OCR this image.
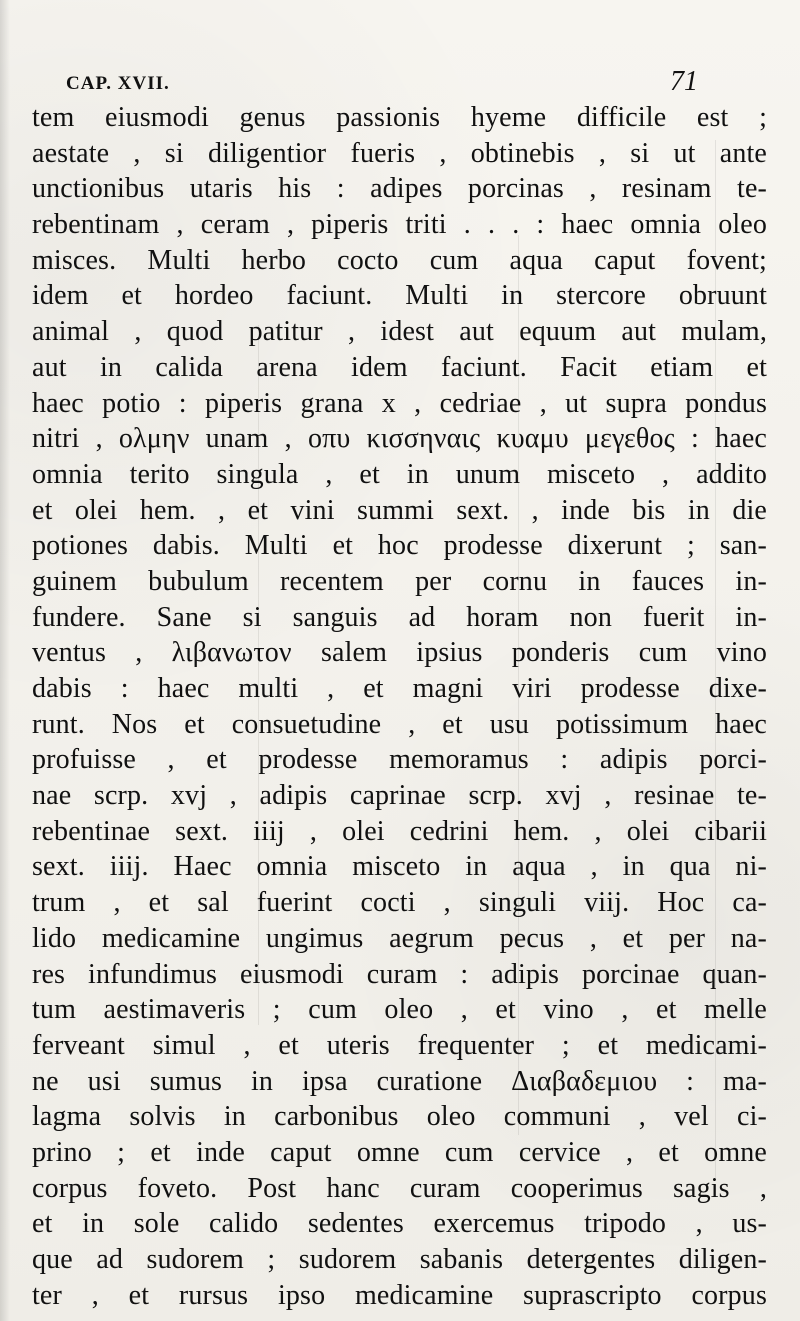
CAP. XVII.	71
tem eiusmodi genus passionis hyeme difficile est ;
aestate , si diligentior fueris , obtinebis , si ut ante
unctionibus utaris his : adipes porcinas , resinam te-
rebentinam , ceram , piperis triti . . . : haec omnia oleo
misces. Multi herbo cocto cum aqua caput fovent;
idem et hordeo faciunt. Multi in stercore obruunt
animal , quod patitur , idest aut equum aut mulam,
aut in calida arena idem faciunt. Facit etiam et
haec potio : piperis grana x , cedriae , ut supra pondus
nitri , ολμην unam , οπυ κισσηναις κυαμυ μεγεθος : haec
omnia terito singula , et in unum misceto , addito
et olei hem. , et vini summi sext. , inde bis in die
potiones dabis. Multi et hoc prodesse dixerunt ; san-
guinem bubulum recentem per cornu in fauces in-
fundere. Sane si sanguis ad horam non fuerit in-
ventus , λιβανωτον salem ipsius ponderis cum vino
dabis : haec multi , et magni viri prodesse dixe-
runt. Nos et consuetudine , et usu potissimum haec
profuisse , et prodesse memoramus : adipis porci-
nae scrp. xvj , adipis caprinae scrp. xvj , resinae te-
rebentinae sext. iiij , olei cedrini hem. , olei cibarii
sext. iiij. Haec omnia misceto in aqua , in qua ni-
trum , et sal fuerint cocti , singuli viij. Hoc ca-
lido medicamine ungimus aegrum pecus , et per na-
res infundimus eiusmodi curam : adipis porcinae quan-
tum aestimaveris ; cum oleo , et vino , et melle
ferveant simul , et uteris frequenter ; et medicami-
ne usi sumus in ipsa curatione Διαβαδεμιου : ma-
lagma solvis in carbonibus oleo communi , vel ci-
prino ; et inde caput omne cum cervice , et omne
corpus foveto. Post hanc curam cooperimus sagis ,
et in sole calido sedentes exercemus tripodo , us-
que ad sudorem ; sudorem sabanis detergentes diligen-
ter , et rursus ipso medicamine suprascripto corpus
